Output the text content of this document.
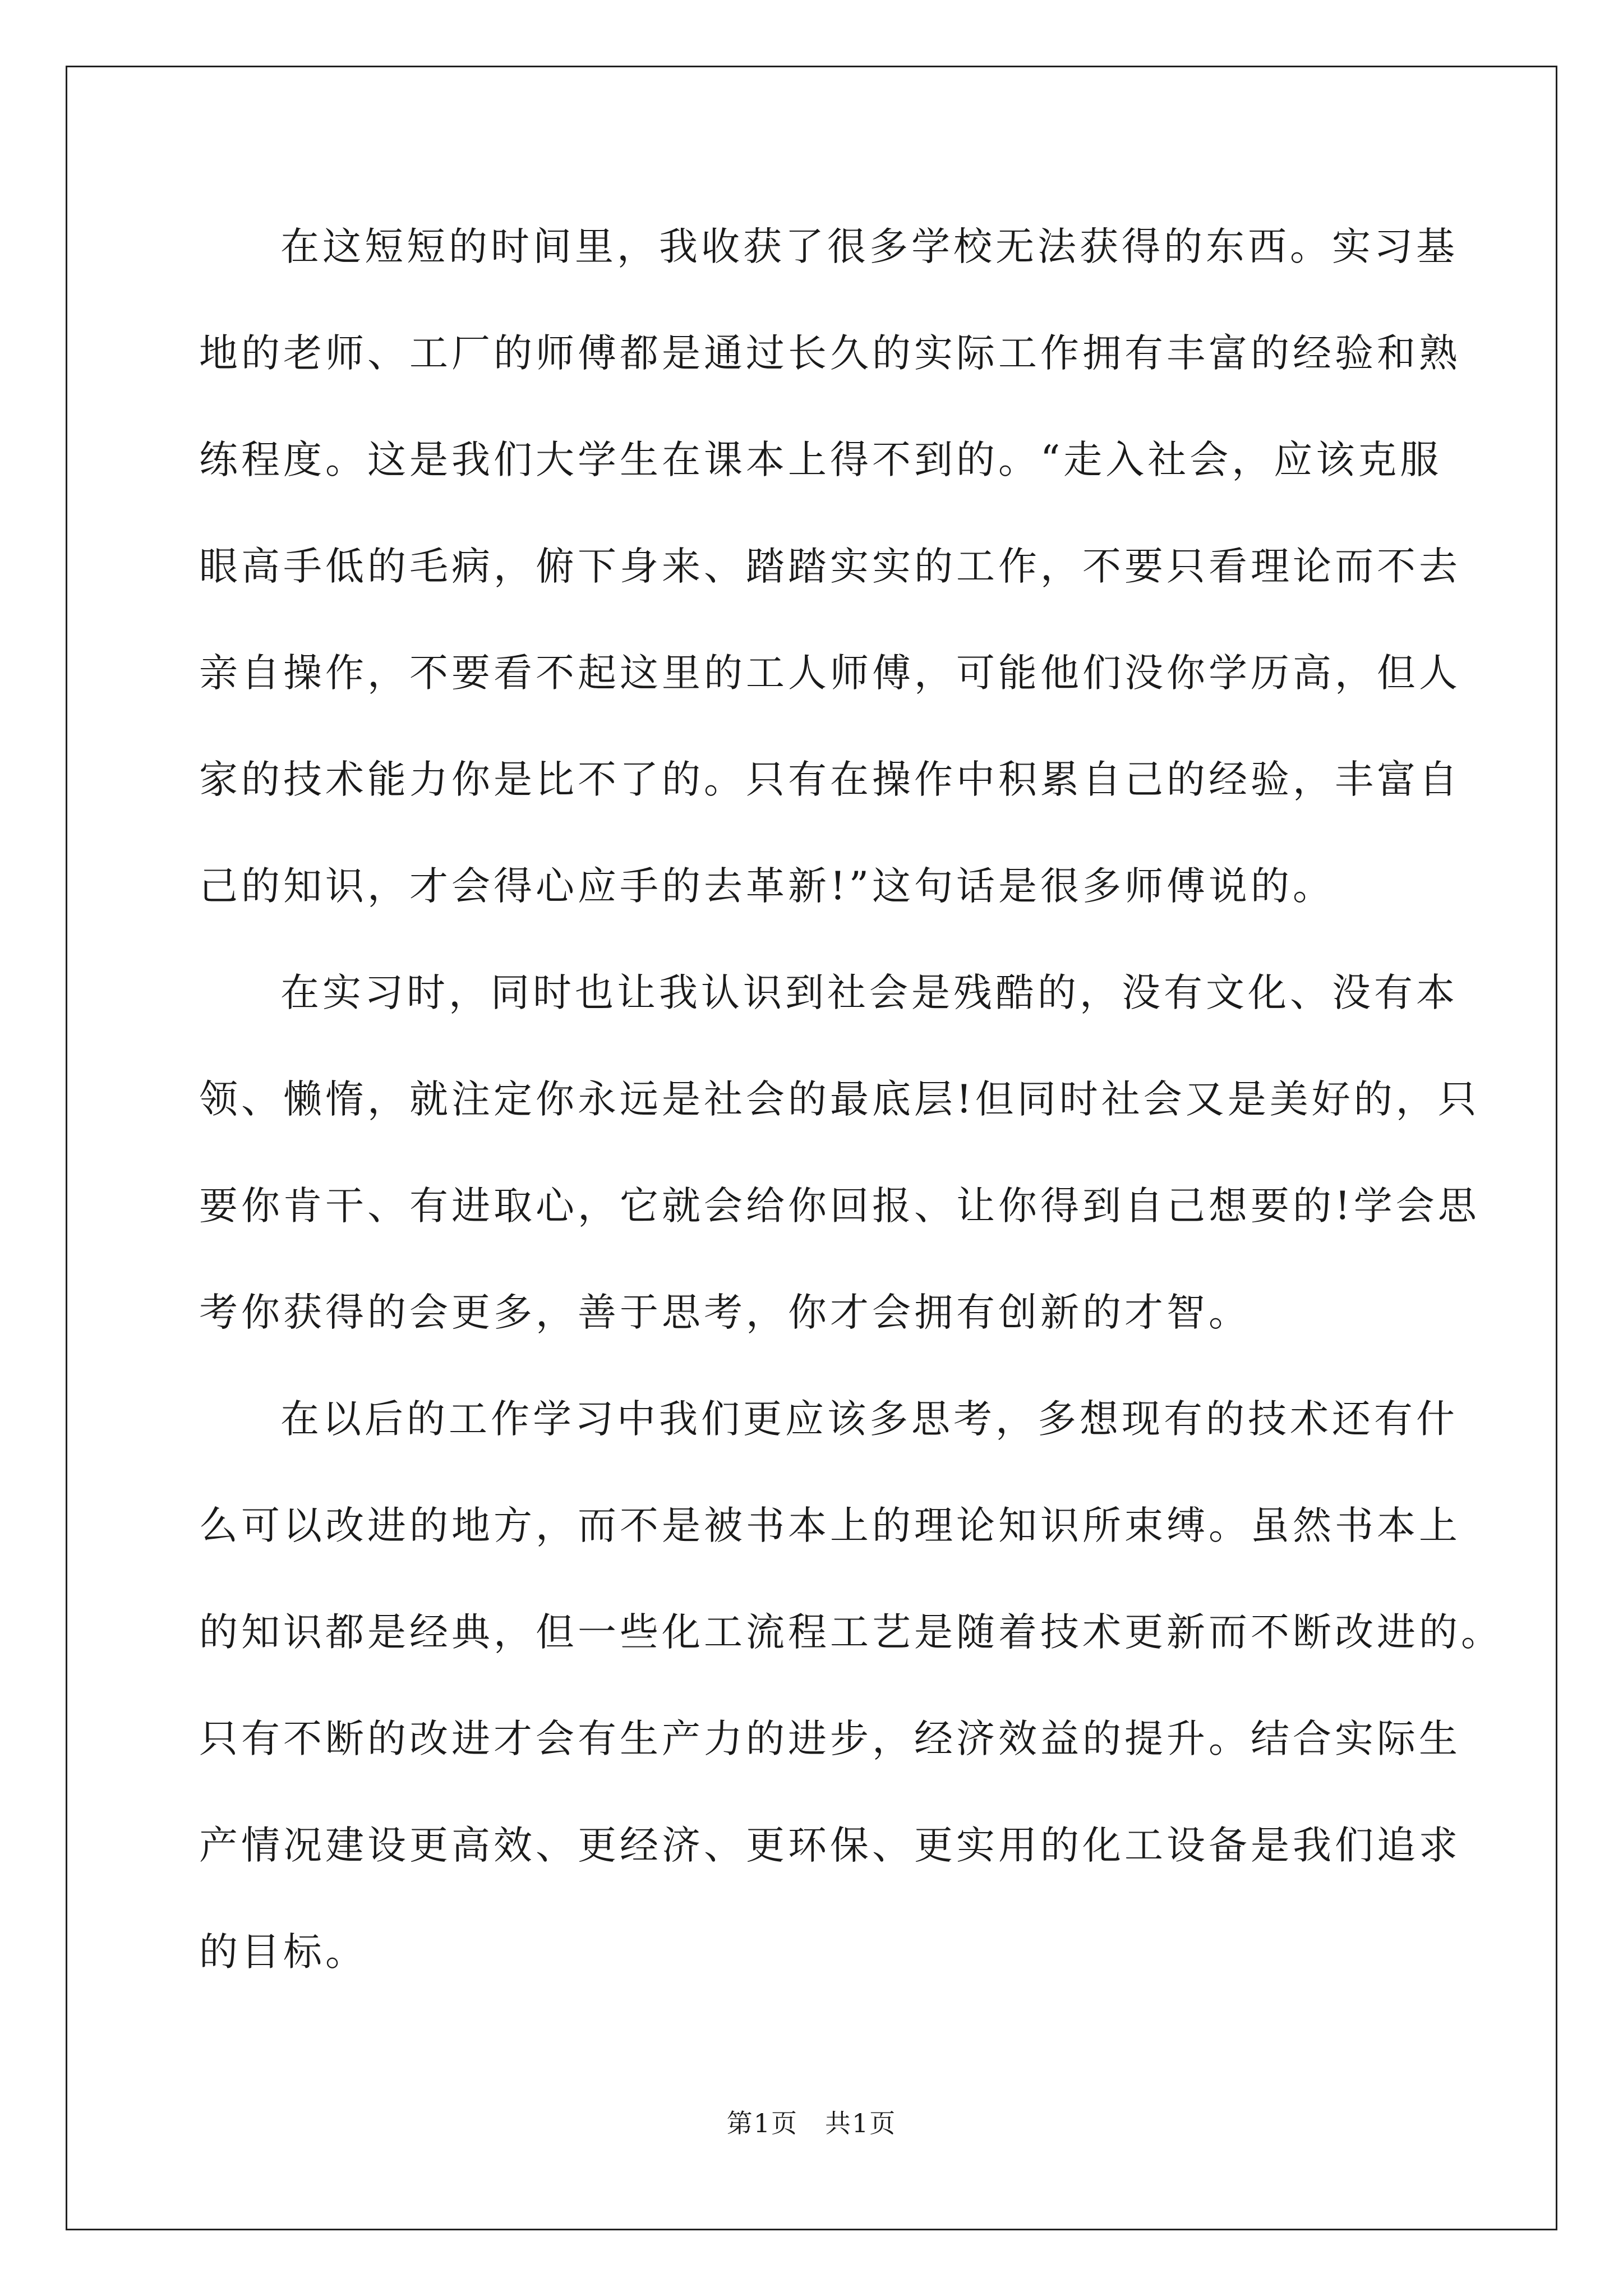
在这短短的时间里，我收获了很多学校无法获得的东西。实习基
地的老师、工厂的师傅都是通过长久的实际工作拥有丰富的经验和熟
练程度。这是我们大学生在课本上得不到的。“走入社会，应该克服
眼高手低的毛病，俯下身来、踏踏实实的工作，不要只看理论而不去
亲自操作，不要看不起这里的工人师傅，可能他们没你学历高，但人
家的技术能力你是比不了的。只有在操作中积累自己的经验，丰富自
己的知识，才会得心应手的去革新!”这句话是很多师傅说的。
在实习时，同时也让我认识到社会是残酷的，没有文化、没有本
领、懒惰，就注定你永远是社会的最底层!但同时社会又是美好的，只
要你肯干、有进取心，它就会给你回报、让你得到自己想要的!学会思
考你获得的会更多，善于思考，你才会拥有创新的才智。
在以后的工作学习中我们更应该多思考，多想现有的技术还有什
么可以改进的地方，而不是被书本上的理论知识所束缚。虽然书本上
的知识都是经典，但一些化工流程工艺是随着技术更新而不断改进的。
只有不断的改进才会有生产力的进步，经济效益的提升。结合实际生
产情况建设更高效、更经济、更环保、更实用的化工设备是我们追求
的目标。
第1页　共1页
